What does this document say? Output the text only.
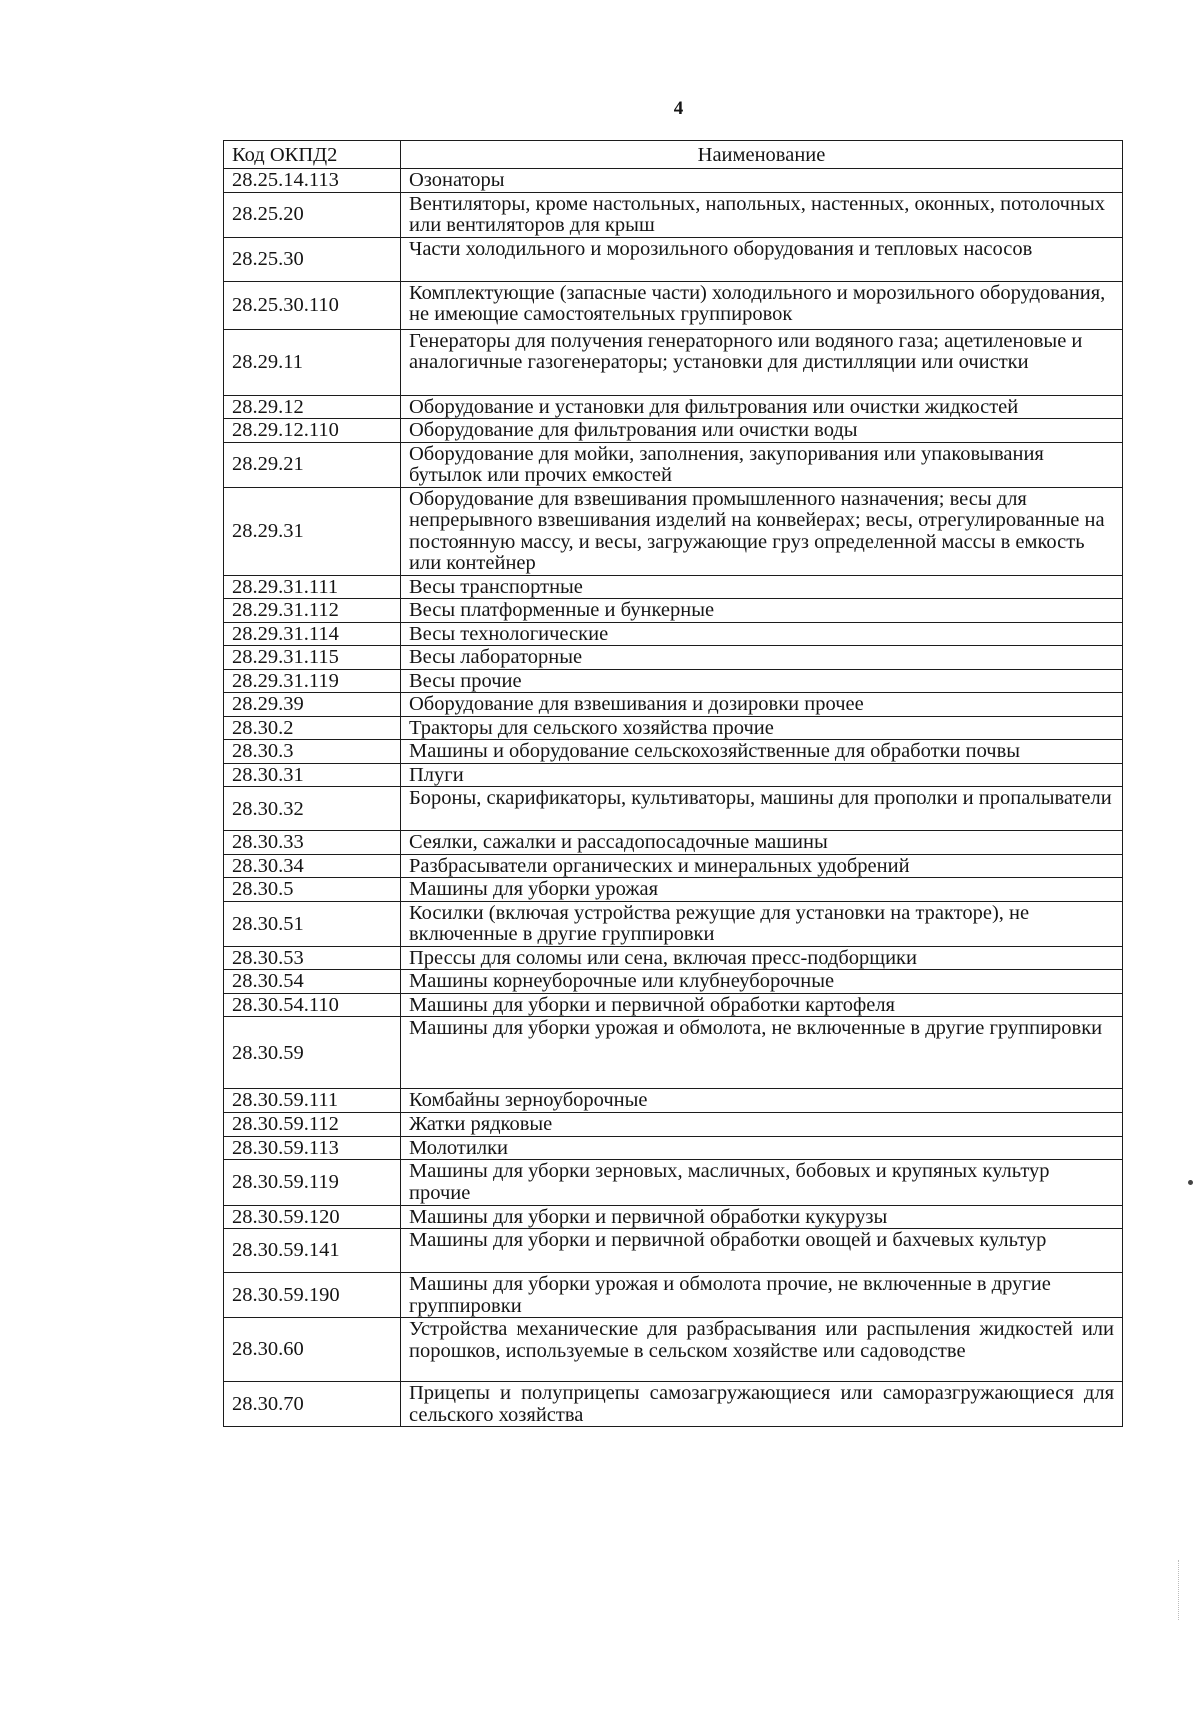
4
Код ОКПД2	Наименование
28.25.14.113	Озонаторы
28.25.20	Вентиляторы, кроме настольных, напольных, настенных, оконных, потолочных или вентиляторов для крыш
28.25.30	Части холодильного и морозильного оборудования и тепловых насосов
28.25.30.110	Комплектующие (запасные части) холодильного и морозильного оборудования, не имеющие самостоятельных группировок
28.29.11	Генераторы для получения генераторного или водяного газа; ацетиленовые и аналогичные газогенераторы; установки для дистилляции или очистки
28.29.12	Оборудование и установки для фильтрования или очистки жидкостей
28.29.12.110	Оборудование для фильтрования или очистки воды
28.29.21	Оборудование для мойки, заполнения, закупоривания или упаковывания бутылок или прочих емкостей
28.29.31	Оборудование для взвешивания промышленного назначения; весы для непрерывного взвешивания изделий на конвейерах; весы, отрегулированные на постоянную массу, и весы, загружающие груз определенной массы в емкость или контейнер
28.29.31.111	Весы транспортные
28.29.31.112	Весы платформенные и бункерные
28.29.31.114	Весы технологические
28.29.31.115	Весы лабораторные
28.29.31.119	Весы прочие
28.29.39	Оборудование для взвешивания и дозировки прочее
28.30.2	Тракторы для сельского хозяйства прочие
28.30.3	Машины и оборудование сельскохозяйственные для обработки почвы
28.30.31	Плуги
28.30.32	Бороны, скарификаторы, культиваторы, машины для прополки и пропалыватели
28.30.33	Сеялки, сажалки и рассадопосадочные машины
28.30.34	Разбрасыватели органических и минеральных удобрений
28.30.5	Машины для уборки урожая
28.30.51	Косилки (включая устройства режущие для установки на тракторе), не включенные в другие группировки
28.30.53	Прессы для соломы или сена, включая пресс-подборщики
28.30.54	Машины корнеуборочные или клубнеуборочные
28.30.54.110	Машины для уборки и первичной обработки картофеля
28.30.59	Машины для уборки урожая и обмолота, не включенные в другие группировки
28.30.59.111	Комбайны зерноуборочные
28.30.59.112	Жатки рядковые
28.30.59.113	Молотилки
28.30.59.119	Машины для уборки зерновых, масличных, бобовых и крупяных культур прочие
28.30.59.120	Машины для уборки и первичной обработки кукурузы
28.30.59.141	Машины для уборки и первичной обработки овощей и бахчевых культур
28.30.59.190	Машины для уборки урожая и обмолота прочие, не включенные в другие группировки
28.30.60	Устройства механические для разбрасывания или распыления жидкостей или порошков, используемые в сельском хозяйстве или садоводстве
28.30.70	Прицепы и полуприцепы самозагружающиеся или саморазгружающиеся для сельского хозяйства
